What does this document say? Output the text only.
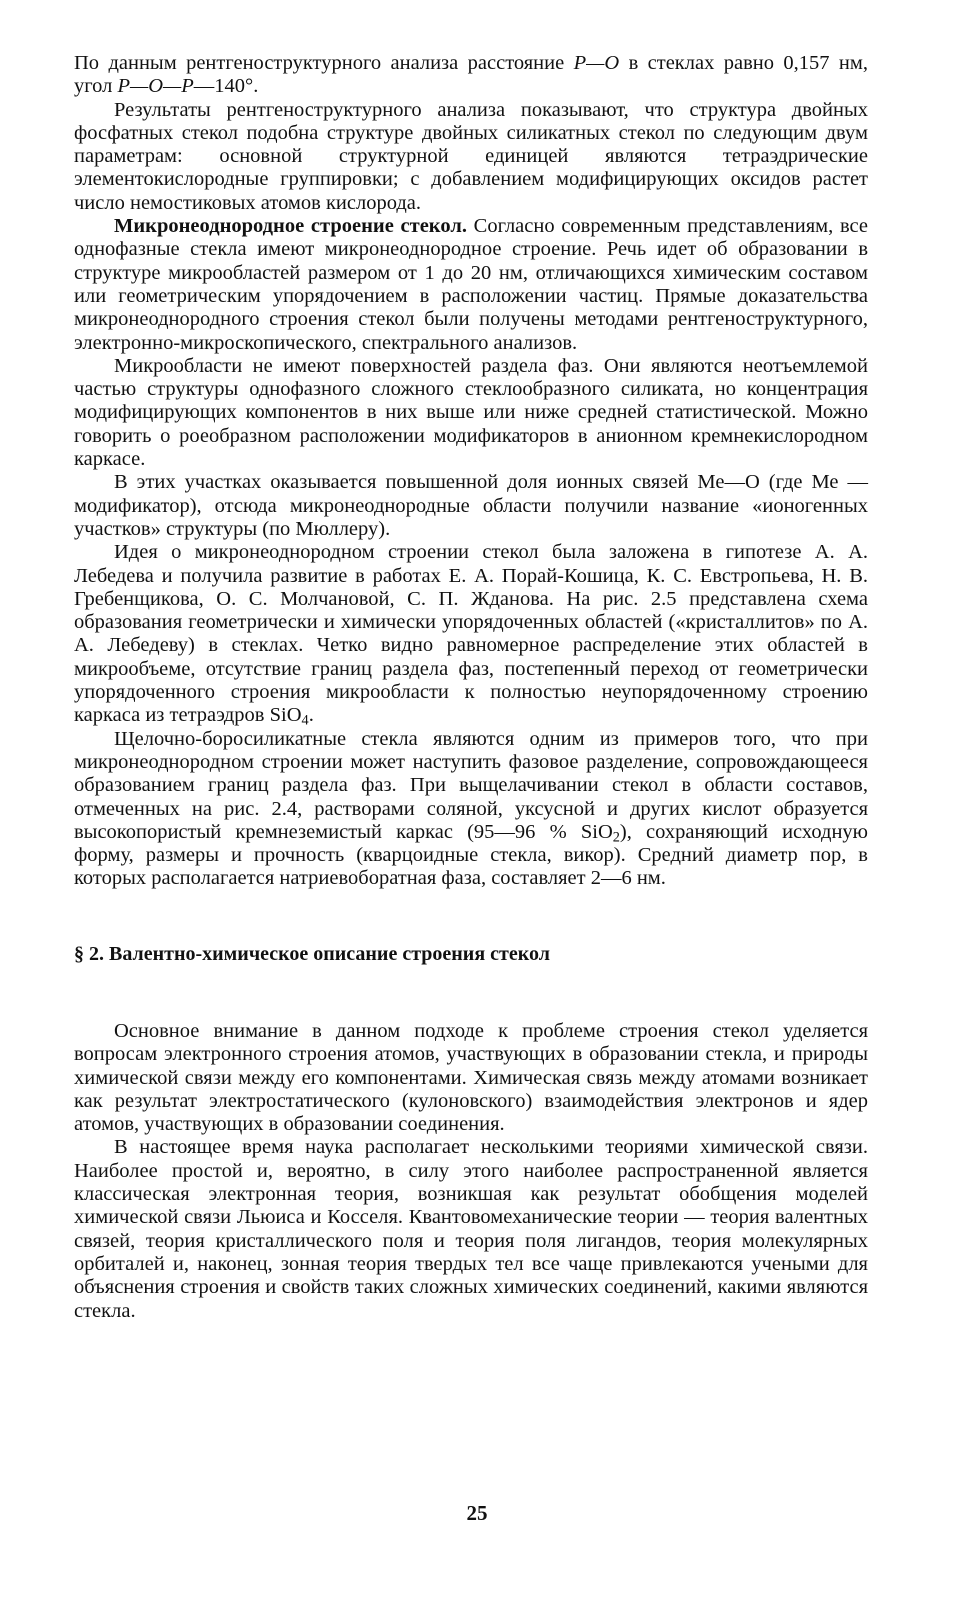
По данным рентгеноструктурного анализа расстояние Р—О в стеклах равно 0,157 нм, угол Р—О—Р—140°.

Результаты рентгеноструктурного анализа показывают, что структура двойных фосфатных стекол подобна структуре двойных силикатных стекол по следующим двум параметрам: основной структурной единицей являются тетраэдрические элементокислородные группировки; с добавлением модифицирующих оксидов растет число немостиковых атомов кислорода.

Микронеоднородное строение стекол. Согласно современным представлениям, все однофазные стекла имеют микронеоднородное строение. Речь идет об образовании в структуре микрообластей размером от 1 до 20 нм, отличающихся химическим составом или геометрическим упорядочением в расположении частиц. Прямые доказательства микронеоднородного строения стекол были получены методами рентгеноструктурного, электронно-микроскопического, спектрального анализов.

Микрообласти не имеют поверхностей раздела фаз. Они являются неотъемлемой частью структуры однофазного сложного стеклообразного силиката, но концентрация модифицирующих компонентов в них выше или ниже средней статистической. Можно говорить о роеобразном расположении модификаторов в анионном кремнекислородном каркасе.

В этих участках оказывается повышенной доля ионных связей Ме—О (где Ме — модификатор), отсюда микронеоднородные области получили название «ионогенных участков» структуры (по Мюллеру).

Идея о микронеоднородном строении стекол была заложена в гипотезе А. А. Лебедева и получила развитие в работах Е. А. Порай-Кошица, К. С. Евстропьева, Н. В. Гребенщикова, О. С. Молчановой, С. П. Жданова. На рис. 2.5 представлена схема образования геометрически и химически упорядоченных областей («кристаллитов» по А. А. Лебедеву) в стеклах. Четко видно равномерное распределение этих областей в микрообъеме, отсутствие границ раздела фаз, постепенный переход от геометрически упорядоченного строения микрообласти к полностью неупорядоченному строению каркаса из тетраэдров SiO$_4$.

Щелочно-боросиликатные стекла являются одним из примеров того, что при микронеоднородном строении может наступить фазовое разделение, сопровождающееся образованием границ раздела фаз. При выщелачивании стекол в области составов, отмеченных на рис. 2.4, растворами соляной, уксусной и других кислот образуется высокопористый кремнеземистый каркас (95—96 % SiO$_2$), сохраняющий исходную форму, размеры и прочность (кварцоидные стекла, викор). Средний диаметр пор, в которых располагается натриевоборатная фаза, составляет 2—6 нм.

§ 2. Валентно-химическое описание строения стекол

Основное внимание в данном подходе к проблеме строения стекол уделяется вопросам электронного строения атомов, участвующих в образовании стекла, и природы химической связи между его компонентами. Химическая связь между атомами возникает как результат электростатического (кулоновского) взаимодействия электронов и ядер атомов, участвующих в образовании соединения.

В настоящее время наука располагает несколькими теориями химической связи. Наиболее простой и, вероятно, в силу этого наиболее распространенной является классическая электронная теория, возникшая как результат обобщения моделей химической связи Льюиса и Косселя. Квантовомеханические теории — теория валентных связей, теория кристаллического поля и теория поля лигандов, теория молекулярных орбиталей и, наконец, зонная теория твердых тел все чаще привлекаются учеными для объяснения строения и свойств таких сложных химических соединений, какими являются стекла.

25
